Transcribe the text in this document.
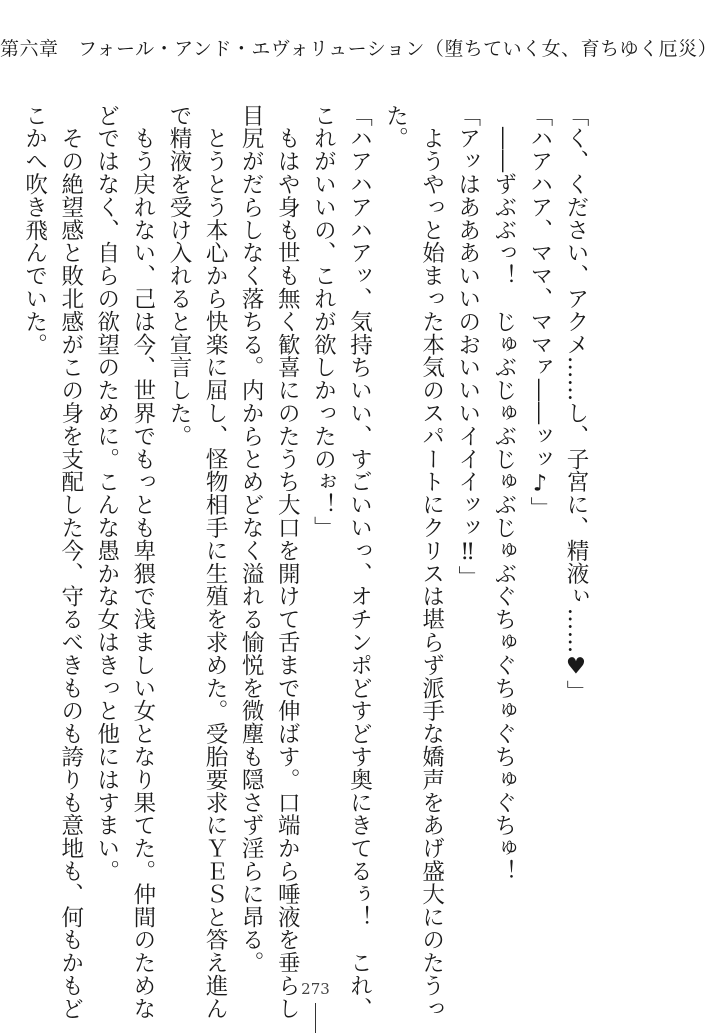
第六章　フォール・アンド・エヴォリューション（堕ちていく女、育ちゆく厄災）

「く、ください、アクメ……し、子宮に、精液ぃ……♥」

「ハアハア、ママ、ママァ――ッッ♪」

　――ずぶぶっ！　じゅぶじゅぶじゅぶじゅぶぐちゅぐちゅぐちゅぐちゅ！

「アッはあああいいのおいいいイイイッッ‼」

　ようやっと始まった本気のスパートにクリスは堪らず派手な嬌声をあげ盛大にのたうっ

た。

「ハアハアハアッ、気持ちいい、すごいいっ、オチンポどすどす奥にきてるぅ！　これ、

これがいいの、これが欲しかったのぉ！」

　もはや身も世も無く歓喜にのたうち大口を開けて舌まで伸ばす。口端から唾液を垂らし

目尻がだらしなく落ちる。内からとめどなく溢れる愉悦を微塵も隠さず淫らに昂る。

　とうとう本心から快楽に屈し、怪物相手に生殖を求めた。受胎要求にＹＥＳと答え進ん

で精液を受け入れると宣言した。

　もう戻れない、己は今、世界でもっとも卑猥で浅ましい女となり果てた。仲間のためな

どではなく、自らの欲望のために。こんな愚かな女はきっと他にはすまい。

　その絶望感と敗北感がこの身を支配した今、守るべきものも誇りも意地も、何もかもど

こかへ吹き飛んでいた。

273
